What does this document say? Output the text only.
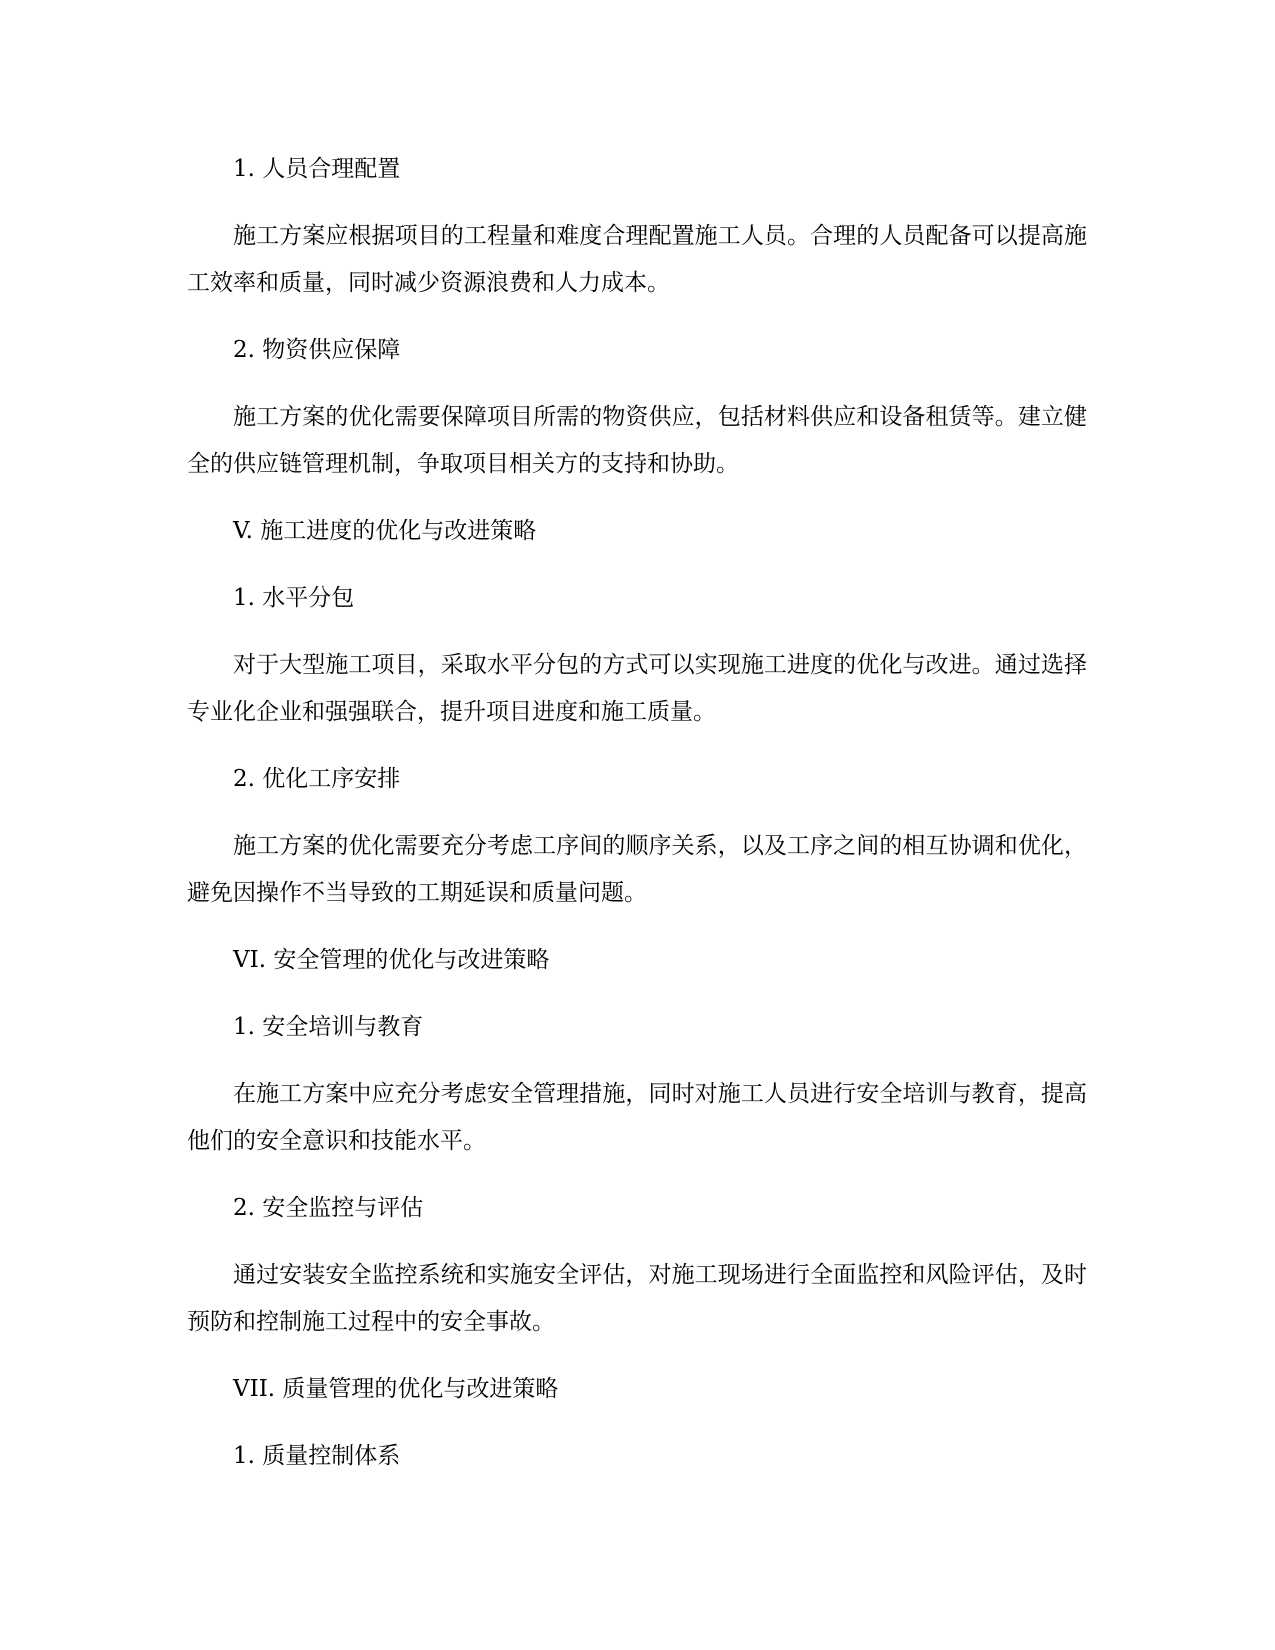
1. 人员合理配置

施工方案应根据项目的工程量和难度合理配置施工人员。合理的人员配备可以提高施工效率和质量，同时减少资源浪费和人力成本。

2. 物资供应保障

施工方案的优化需要保障项目所需的物资供应，包括材料供应和设备租赁等。建立健全的供应链管理机制，争取项目相关方的支持和协助。

V. 施工进度的优化与改进策略

1. 水平分包

对于大型施工项目，采取水平分包的方式可以实现施工进度的优化与改进。通过选择专业化企业和强强联合，提升项目进度和施工质量。

2. 优化工序安排

施工方案的优化需要充分考虑工序间的顺序关系，以及工序之间的相互协调和优化，避免因操作不当导致的工期延误和质量问题。

VI. 安全管理的优化与改进策略

1. 安全培训与教育

在施工方案中应充分考虑安全管理措施，同时对施工人员进行安全培训与教育，提高他们的安全意识和技能水平。

2. 安全监控与评估

通过安装安全监控系统和实施安全评估，对施工现场进行全面监控和风险评估，及时预防和控制施工过程中的安全事故。

VII. 质量管理的优化与改进策略

1. 质量控制体系
